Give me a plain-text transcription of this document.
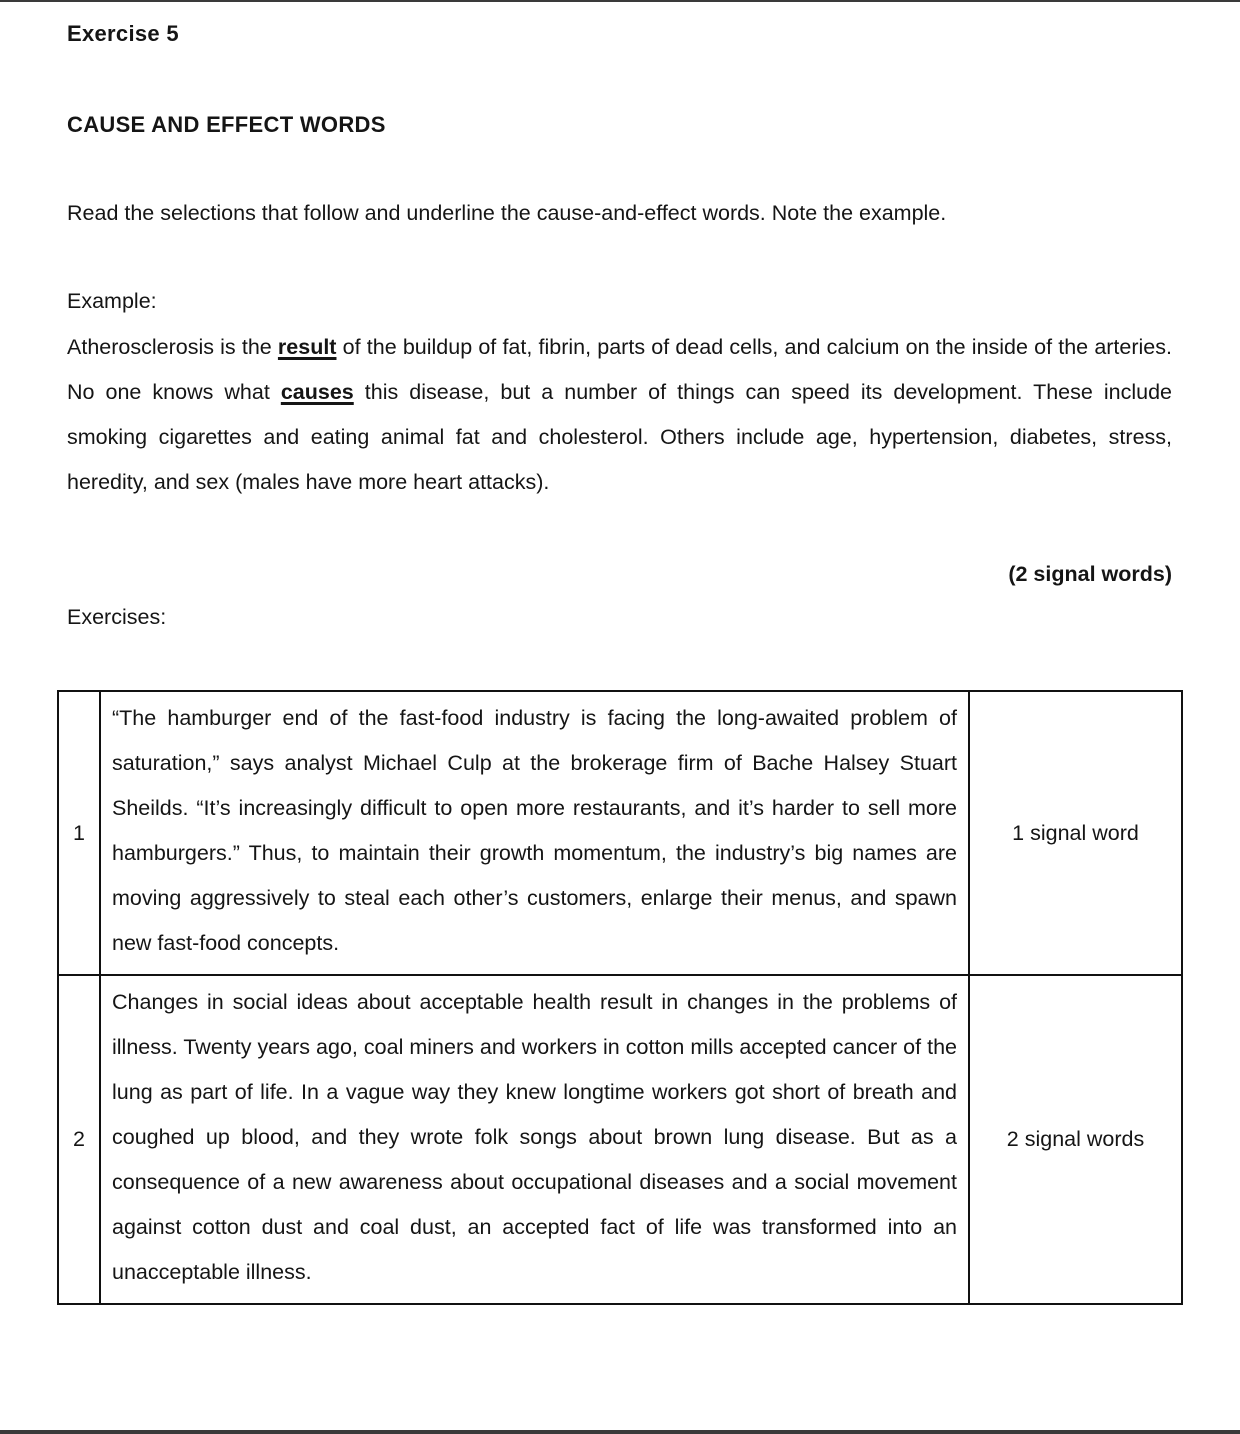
Exercise 5
CAUSE AND EFFECT WORDS
Read the selections that follow and underline the cause-and-effect words. Note the example.
Example:
Atherosclerosis is the result of the buildup of fat, fibrin, parts of dead cells, and calcium on the inside of the arteries. No one knows what causes this disease, but a number of things can speed its development. These include smoking cigarettes and eating animal fat and cholesterol. Others include age, hypertension, diabetes, stress, heredity, and sex (males have more heart attacks).
(2 signal words)
Exercises:
1	“The hamburger end of the fast-food industry is facing the long-awaited problem of saturation,” says analyst Michael Culp at the brokerage firm of Bache Halsey Stuart Sheilds. “It’s increasingly difficult to open more restaurants, and it’s harder to sell more hamburgers.” Thus, to maintain their growth momentum, the industry’s big names are moving aggressively to steal each other’s customers, enlarge their menus, and spawn new fast-food concepts.	1 signal word
2	Changes in social ideas about acceptable health result in changes in the problems of illness. Twenty years ago, coal miners and workers in cotton mills accepted cancer of the lung as part of life. In a vague way they knew longtime workers got short of breath and coughed up blood, and they wrote folk songs about brown lung disease. But as a consequence of a new awareness about occupational diseases and a social movement against cotton dust and coal dust, an accepted fact of life was transformed into an unacceptable illness.	2 signal words
